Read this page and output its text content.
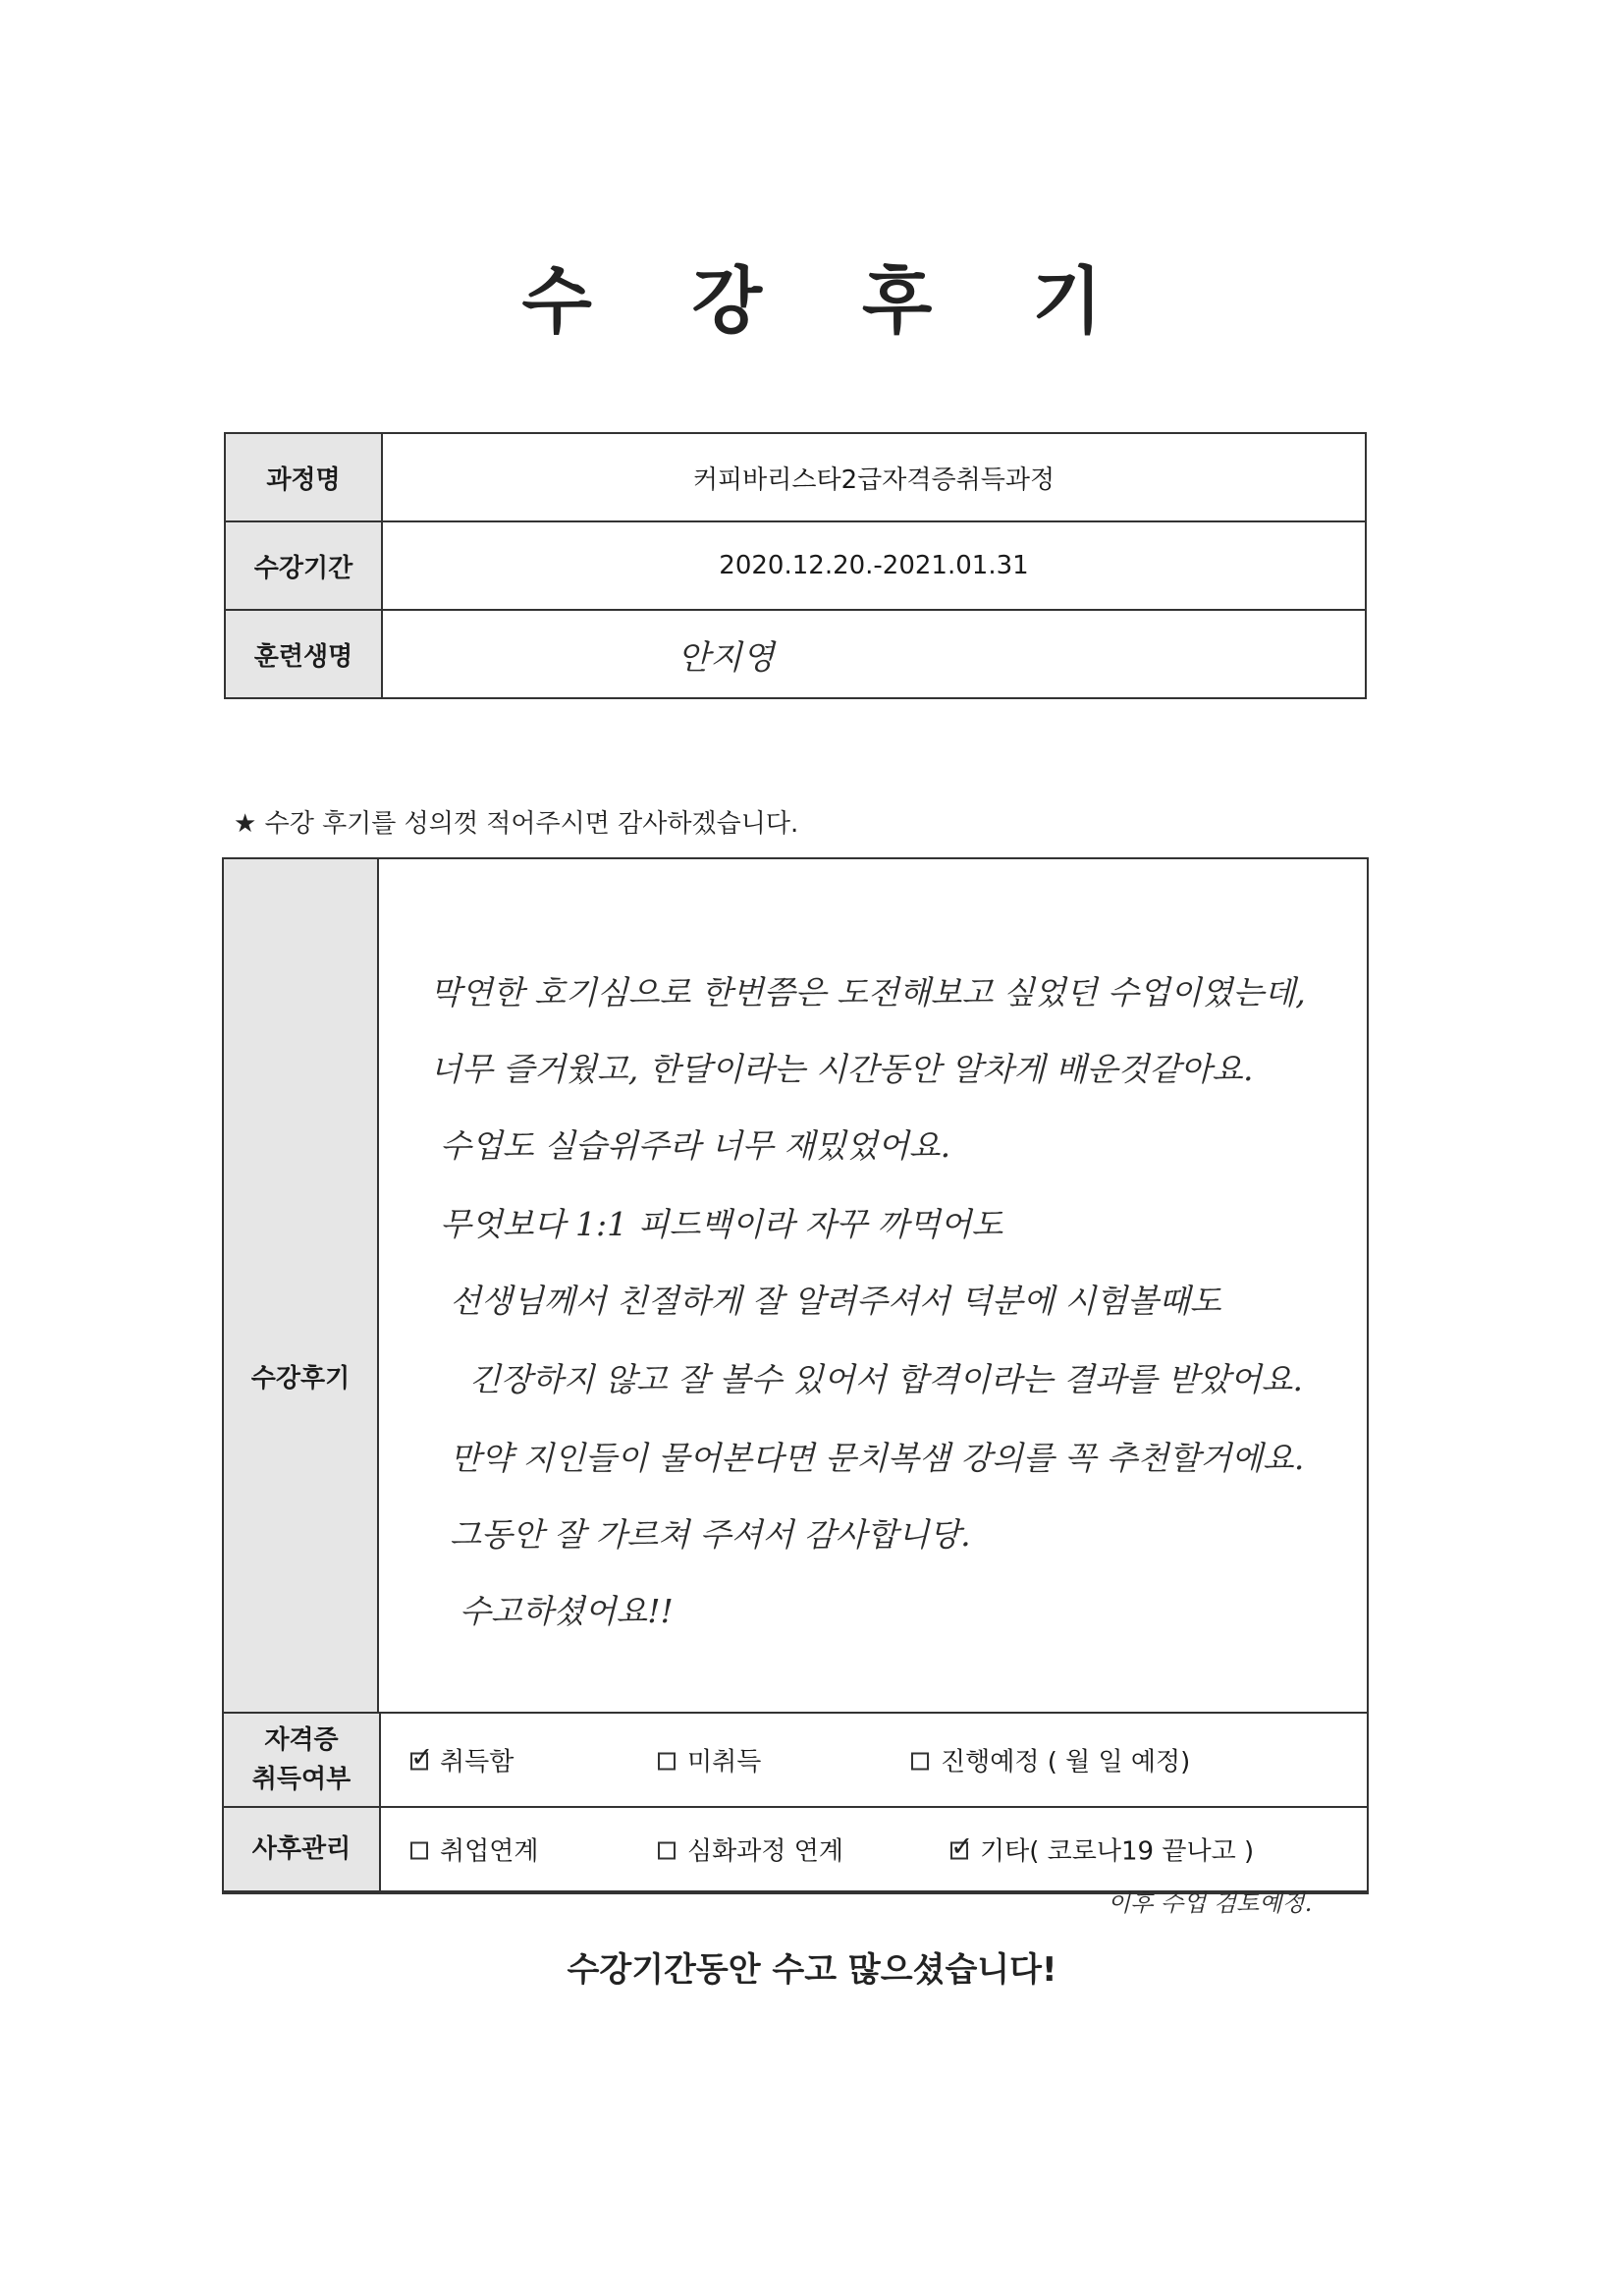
수 강 후 기
과정명	커피바리스타2급자격증취득과정
수강기간	2020.12.20.-2021.01.31
훈련생명	안지영
★ 수강 후기를 성의껏 적어주시면 감사하겠습니다.
수강후기
막연한 호기심으로 한번쯤은 도전해보고 싶었던 수업이였는데,
너무 즐거웠고, 한달이라는 시간동안 알차게 배운것같아요.
수업도 실습위주라 너무 재밌었어요.
무엇보다 1:1 피드백이라 자꾸 까먹어도
선생님께서 친절하게 잘 알려주셔서 덕분에 시험볼때도
긴장하지 않고 잘 볼수 있어서 합격이라는 결과를 받았어요.
만약 지인들이 물어본다면 문치복샘 강의를 꼭 추천할거에요.
그동안 잘 가르쳐 주셔서 감사합니당.
수고하셨어요!!
자격증
취득여부	
✓취득함 미취득 진행예정 ( 월 일 예정)

사후관리	취업연계 심화과정 연계 ✓ 기타( 코로나19 끝나고 )
이후 수업 검토예정.
수강기간동안 수고 많으셨습니다!
